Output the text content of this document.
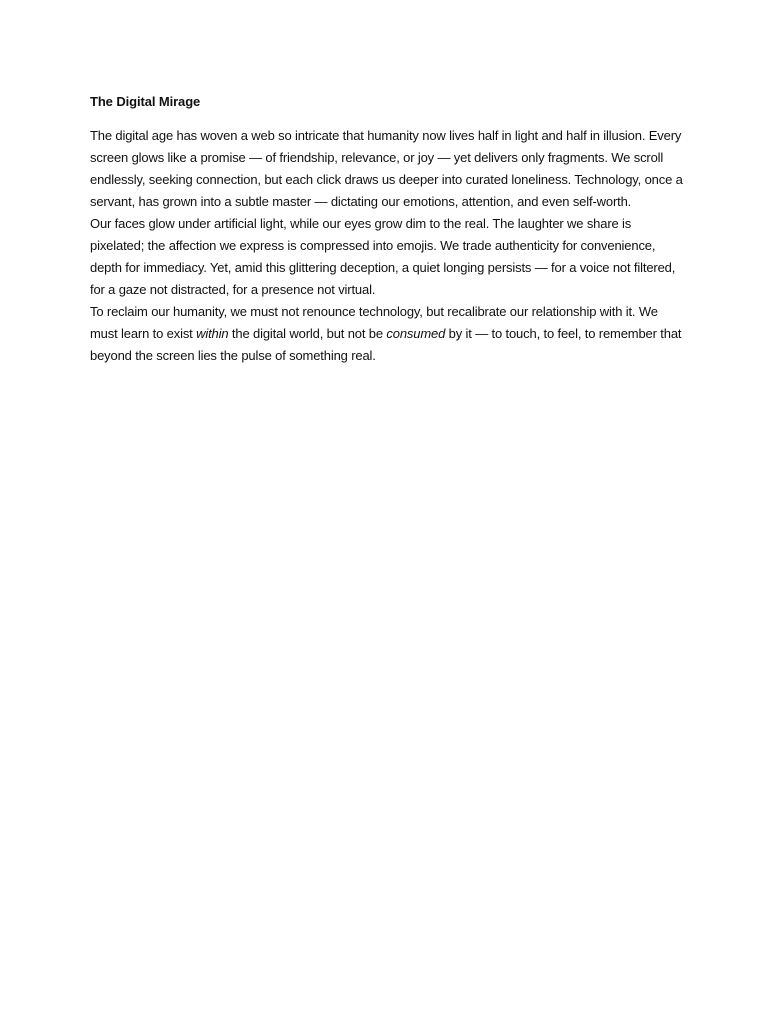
The Digital Mirage

The digital age has woven a web so intricate that humanity now lives half in light and half in illusion. Every screen glows like a promise — of friendship, relevance, or joy — yet delivers only fragments. We scroll endlessly, seeking connection, but each click draws us deeper into curated loneliness. Technology, once a servant, has grown into a subtle master — dictating our emotions, attention, and even self-worth.

Our faces glow under artificial light, while our eyes grow dim to the real. The laughter we share is pixelated; the affection we express is compressed into emojis. We trade authenticity for convenience, depth for immediacy. Yet, amid this glittering deception, a quiet longing persists — for a voice not filtered, for a gaze not distracted, for a presence not virtual.

To reclaim our humanity, we must not renounce technology, but recalibrate our relationship with it. We must learn to exist within the digital world, but not be consumed by it — to touch, to feel, to remember that beyond the screen lies the pulse of something real.
